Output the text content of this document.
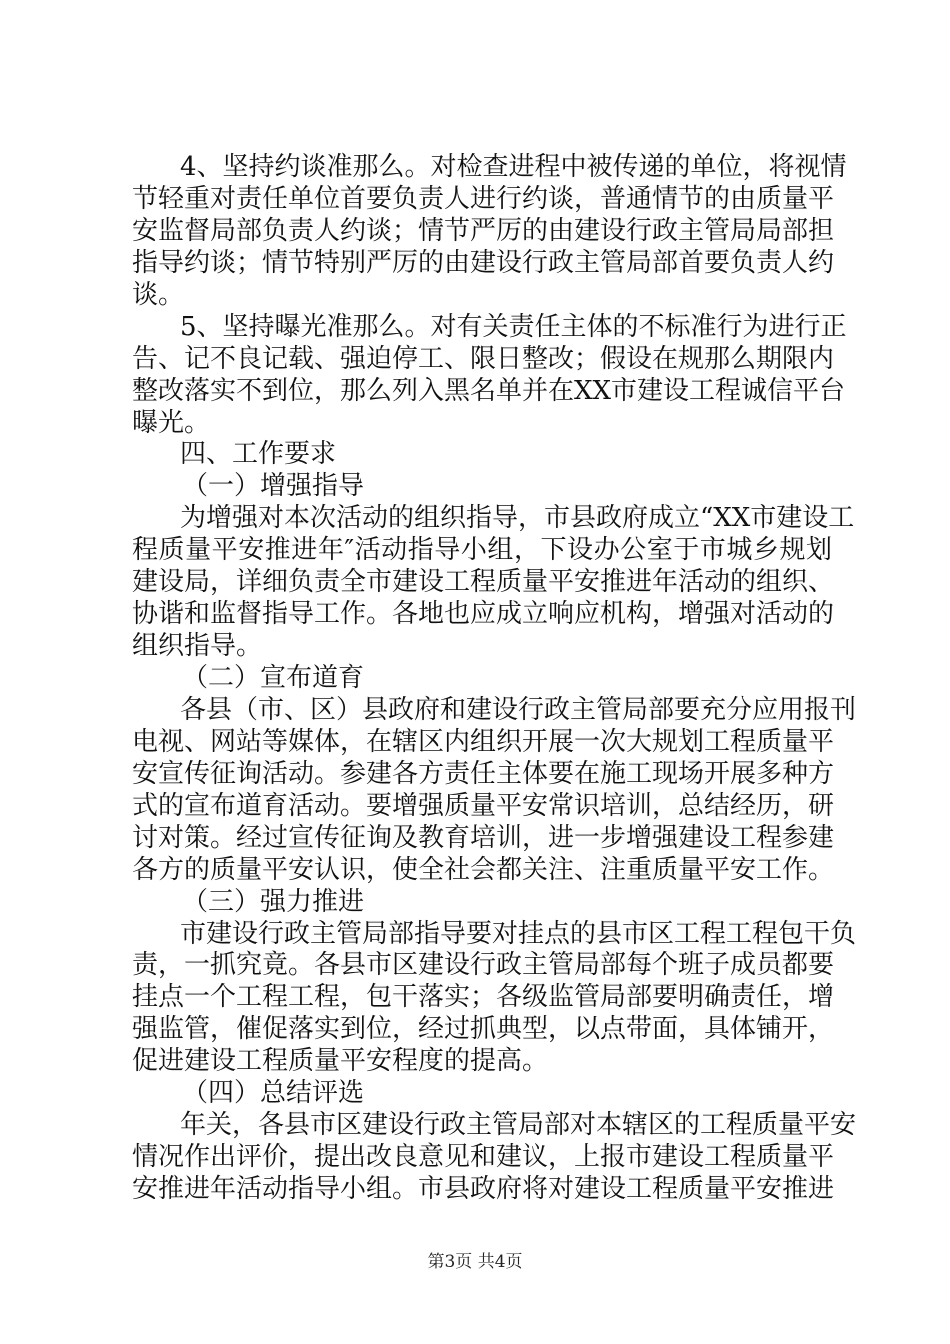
4、坚持约谈准那么。对检查进程中被传递的单位，将视情
节轻重对责任单位首要负责人进行约谈，普通情节的由质量平
安监督局部负责人约谈；情节严厉的由建设行政主管局局部担
指导约谈；情节特别严厉的由建设行政主管局部首要负责人约
谈。
5、坚持曝光准那么。对有关责任主体的不标准行为进行正
告、记不良记载、强迫停工、限日整改；假设在规那么期限内
整改落实不到位，那么列入黑名单并在XX市建设工程诚信平台
曝光。
四、工作要求
（一）增强指导
为增强对本次活动的组织指导，市县政府成立“XX市建设工
程质量平安推进年″活动指导小组，下设办公室于市城乡规划
建设局，详细负责全市建设工程质量平安推进年活动的组织、
协谐和监督指导工作。各地也应成立响应机构，增强对活动的
组织指导。
（二）宣布道育
各县（市、区）县政府和建设行政主管局部要充分应用报刊
电视、网站等媒体，在辖区内组织开展一次大规划工程质量平
安宣传征询活动。参建各方责任主体要在施工现场开展多种方
式的宣布道育活动。要增强质量平安常识培训，总结经历，研
讨对策。经过宣传征询及教育培训，进一步增强建设工程参建
各方的质量平安认识，使全社会都关注、注重质量平安工作。
（三）强力推进
市建设行政主管局部指导要对挂点的县市区工程工程包干负
责，一抓究竟。各县市区建设行政主管局部每个班子成员都要
挂点一个工程工程，包干落实；各级监管局部要明确责任，增
强监管，催促落实到位，经过抓典型，以点带面，具体铺开，
促进建设工程质量平安程度的提高。
（四）总结评选
年关，各县市区建设行政主管局部对本辖区的工程质量平安
情况作出评价，提出改良意见和建议，上报市建设工程质量平
安推进年活动指导小组。市县政府将对建设工程质量平安推进
第3页 共4页
